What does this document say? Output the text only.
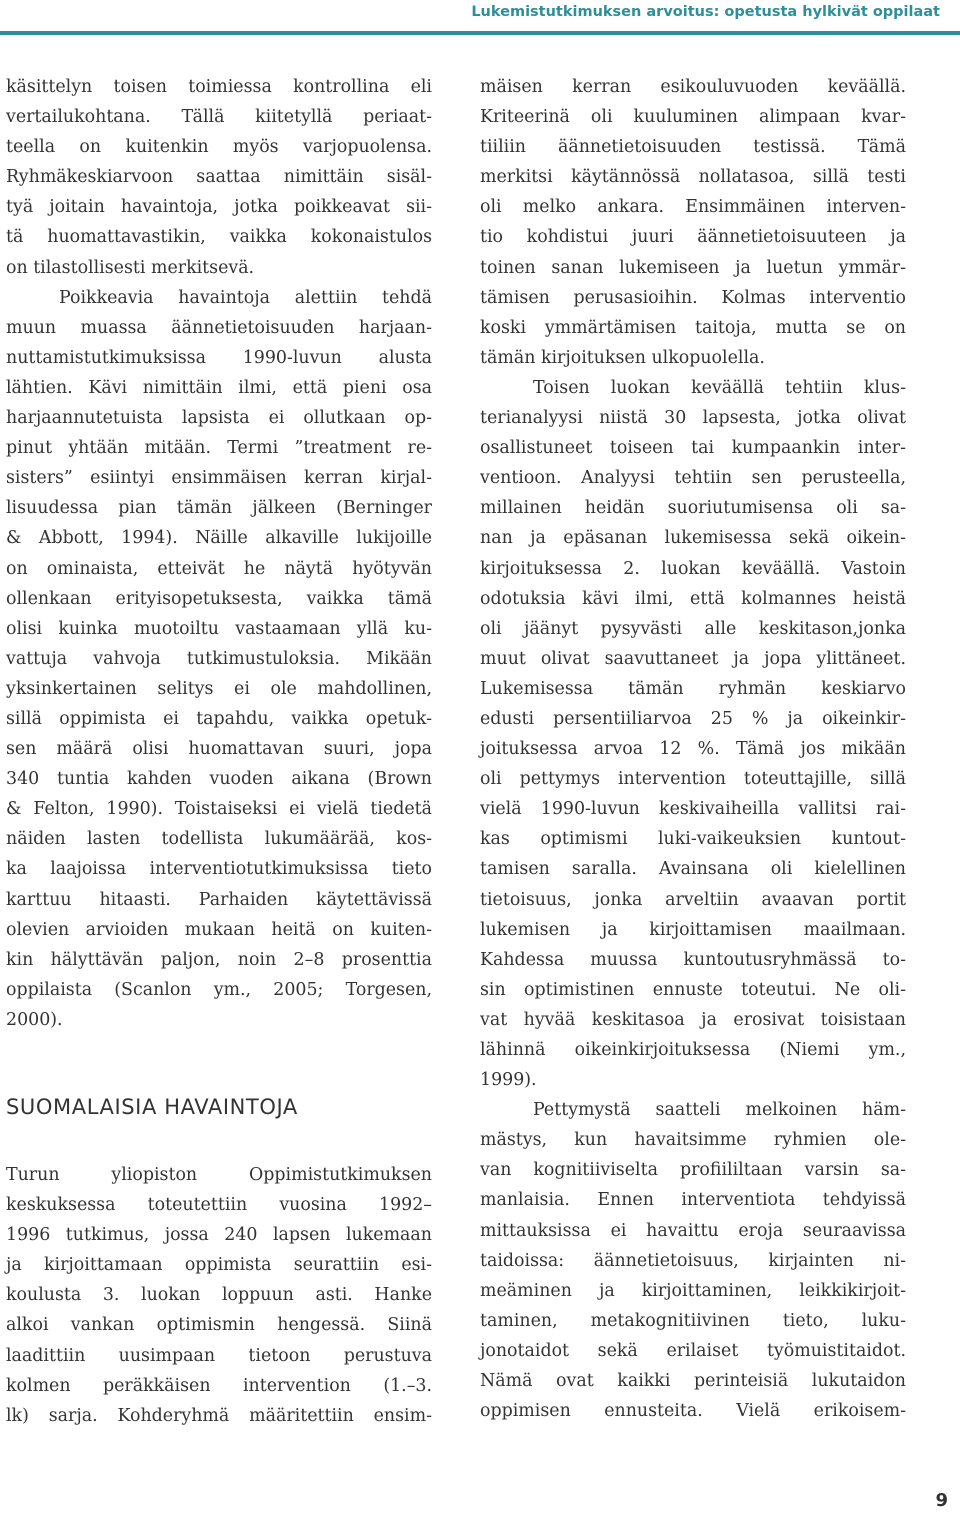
Lukemistutkimuksen arvoitus: opetusta hylkivät oppilaat
käsittelyn toisen toimiessa kontrollina eli
vertailukohtana. Tällä kiitetyllä periaat-
teella on kuitenkin myös varjopuolensa.
Ryhmäkeskiarvoon saattaa nimittäin sisäl-
tyä joitain havaintoja, jotka poikkeavat sii-
tä huomattavastikin, vaikka kokonaistulos
on tilastollisesti merkitsevä.
Poikkeavia havaintoja alettiin tehdä
muun muassa äännetietoisuuden harjaan-
nuttamistutkimuksissa 1990-luvun alusta
lähtien. Kävi nimittäin ilmi, että pieni osa
harjaannutetuista lapsista ei ollutkaan op-
pinut yhtään mitään. Termi ”treatment re-
sisters” esiintyi ensimmäisen kerran kirjal-
lisuudessa pian tämän jälkeen (Berninger
& Abbott, 1994). Näille alkaville lukijoille
on ominaista, etteivät he näytä hyötyvän
ollenkaan erityisopetuksesta, vaikka tämä
olisi kuinka muotoiltu vastaamaan yllä ku-
vattuja vahvoja tutkimustuloksia. Mikään
yksinkertainen selitys ei ole mahdollinen,
sillä oppimista ei tapahdu, vaikka opetuk-
sen määrä olisi huomattavan suuri, jopa
340 tuntia kahden vuoden aikana (Brown
& Felton, 1990). Toistaiseksi ei vielä tiedetä
näiden lasten todellista lukumäärää, kos-
ka laajoissa interventiotutkimuksissa tieto
karttuu hitaasti. Parhaiden käytettävissä
olevien arvioiden mukaan heitä on kuiten-
kin hälyttävän paljon, noin 2–8 prosenttia
oppilaista (Scanlon ym., 2005; Torgesen,
2000).
SUOMALAISIA HAVAINTOJA
Turun yliopiston Oppimistutkimuksen
keskuksessa toteutettiin vuosina 1992–
1996 tutkimus, jossa 240 lapsen lukemaan
ja kirjoittamaan oppimista seurattiin esi-
koulusta 3. luokan loppuun asti. Hanke
alkoi vankan optimismin hengessä. Siinä
laadittiin uusimpaan tietoon perustuva
kolmen peräkkäisen intervention (1.–3.
lk) sarja. Kohderyhmä määritettiin ensim-
mäisen kerran esikouluvuoden keväällä.
Kriteerinä oli kuuluminen alimpaan kvar-
tiiliin äännetietoisuuden testissä. Tämä
merkitsi käytännössä nollatasoa, sillä testi
oli melko ankara. Ensimmäinen interven-
tio kohdistui juuri äännetietoisuuteen ja
toinen sanan lukemiseen ja luetun ymmär-
tämisen perusasioihin. Kolmas interventio
koski ymmärtämisen taitoja, mutta se on
tämän kirjoituksen ulkopuolella.
Toisen luokan keväällä tehtiin klus-
terianalyysi niistä 30 lapsesta, jotka olivat
osallistuneet toiseen tai kumpaankin inter-
ventioon. Analyysi tehtiin sen perusteella,
millainen heidän suoriutumisensa oli sa-
nan ja epäsanan lukemisessa sekä oikein-
kirjoituksessa 2. luokan keväällä. Vastoin
odotuksia kävi ilmi, että kolmannes heistä
oli jäänyt pysyvästi alle keskitason,jonka
muut olivat saavuttaneet ja jopa ylittäneet.
Lukemisessa tämän ryhmän keskiarvo
edusti persentiiliarvoa 25 % ja oikeinkir-
joituksessa arvoa 12 %. Tämä jos mikään
oli pettymys intervention toteuttajille, sillä
vielä 1990-luvun keskivaiheilla vallitsi rai-
kas optimismi luki-vaikeuksien kuntout-
tamisen saralla. Avainsana oli kielellinen
tietoisuus, jonka arveltiin avaavan portit
lukemisen ja kirjoittamisen maailmaan.
Kahdessa muussa kuntoutusryhmässä to-
sin optimistinen ennuste toteutui. Ne oli-
vat hyvää keskitasoa ja erosivat toisistaan
lähinnä oikeinkirjoituksessa (Niemi ym.,
1999).
Pettymystä saatteli melkoinen häm-
mästys, kun havaitsimme ryhmien ole-
van kognitiiviselta profiililtaan varsin sa-
manlaisia. Ennen interventiota tehdyissä
mittauksissa ei havaittu eroja seuraavissa
taidoissa: äännetietoisuus, kirjainten ni-
meäminen ja kirjoittaminen, leikkikirjoit-
taminen, metakognitiivinen tieto, luku-
jonotaidot sekä erilaiset työmuistitaidot.
Nämä ovat kaikki perinteisiä lukutaidon
oppimisen ennusteita. Vielä erikoisem-
9
